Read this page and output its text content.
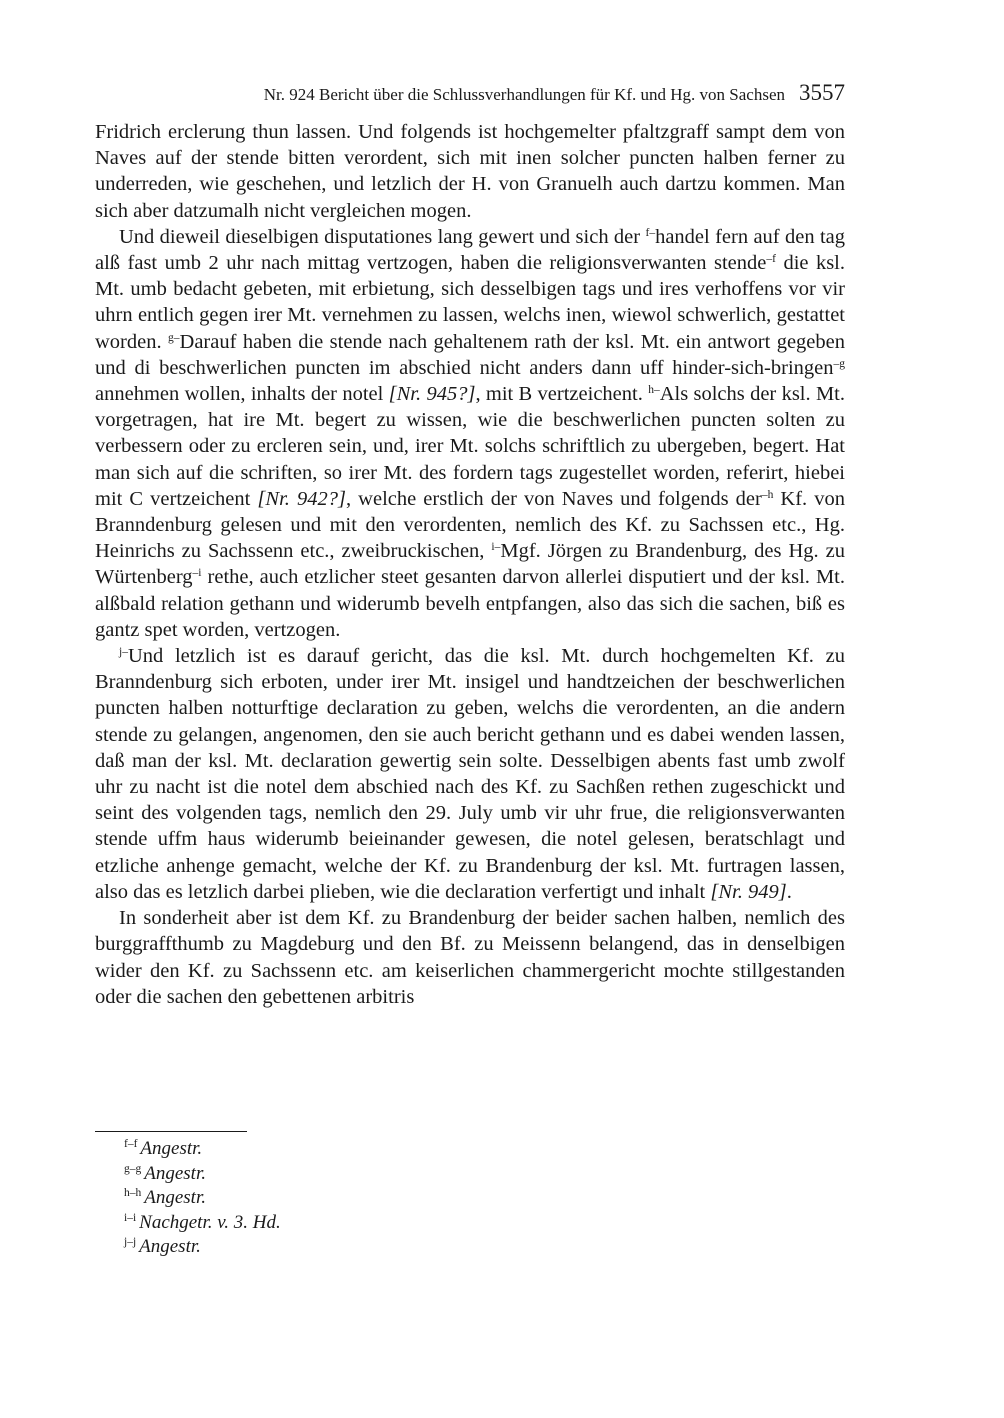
Nr. 924 Bericht über die Schlussverhandlungen für Kf. und Hg. von Sachsen 3557

Fridrich erclerung thun lassen. Und folgends ist hochgemelter pfaltzgraff sampt dem von Naves auf der stende bitten verordent, sich mit inen solcher puncten halben ferner zu underreden, wie geschehen, und letzlich der H. von Granuelh auch dartzu kommen. Man sich aber datzumalh nicht vergleichen mogen.

Und dieweil dieselbigen disputationes lang gewert und sich der $^{f-}$handel fern auf den tag alß fast umb 2 uhr nach mittag vertzogen, haben die religionsverwanten stende$^{-f}$ die ksl. Mt. umb bedacht gebeten, mit erbietung, sich desselbigen tags und ires verhoffens vor vir uhrn entlich gegen irer Mt. vernehmen zu lassen, welchs inen, wiewol schwerlich, gestattet worden. $^{g-}$Darauf haben die stende nach gehaltenem rath der ksl. Mt. ein antwort gegeben und di beschwerlichen puncten im abschied nicht anders dann uff hinder-sich-bringen$^{-g}$ annehmen wollen, inhalts der notel [Nr. 945?], mit B vertzeichent. $^{h-}$Als solchs der ksl. Mt. vorgetragen, hat ire Mt. begert zu wissen, wie die beschwerlichen puncten solten zu verbessern oder zu ercleren sein, und, irer Mt. solchs schriftlich zu ubergeben, begert. Hat man sich auf die schriften, so irer Mt. des fordern tags zugestellet worden, referirt, hiebei mit C vertzeichent [Nr. 942?], welche erstlich der von Naves und folgends der$^{-h}$ Kf. von Branndenburg gelesen und mit den verordenten, nemlich des Kf. zu Sachssen etc., Hg. Heinrichs zu Sachssenn etc., zweibruckischen, $^{i-}$Mgf. Jörgen zu Brandenburg, des Hg. zu Würtenberg$^{-i}$ rethe, auch etzlicher steet gesanten darvon allerlei disputiert und der ksl. Mt. alßbald relation gethann und widerumb bevelh entpfangen, also das sich die sachen, biß es gantz spet worden, vertzogen.

$^{j-}$Und letzlich ist es darauf gericht, das die ksl. Mt. durch hochgemelten Kf. zu Branndenburg sich erboten, under irer Mt. insigel und handtzeichen der beschwerlichen puncten halben notturftige declaration zu geben, welchs die verordenten, an die andern stende zu gelangen, angenomen, den sie auch bericht gethann und es dabei wenden lassen, daß man der ksl. Mt. declaration gewertig sein solte. Desselbigen abents fast umb zwolf uhr zu nacht ist die notel dem abschied nach des Kf. zu Sachßen rethen zugeschickt und seint des volgenden tags, nemlich den 29. July umb vir uhr frue, die religionsverwanten stende uffm haus widerumb beieinander gewesen, die notel gelesen, beratschlagt und etzliche anhenge gemacht, welche der Kf. zu Brandenburg der ksl. Mt. furtragen lassen, also das es letzlich darbei plieben, wie die declaration verfertigt und inhalt [Nr. 949].

In sonderheit aber ist dem Kf. zu Brandenburg der beider sachen halben, nemlich des burggraffthumb zu Magdeburg und den Bf. zu Meissenn belangend, das in denselbigen wider den Kf. zu Sachssenn etc. am keiserlichen chammergericht mochte stillgestanden oder die sachen den gebettenen arbitris

$^{f-f}$ Angestr.
$^{g-g}$ Angestr.
$^{h-h}$ Angestr.
$^{i-i}$ Nachgetr. v. 3. Hd.
$^{j-j}$ Angestr.
